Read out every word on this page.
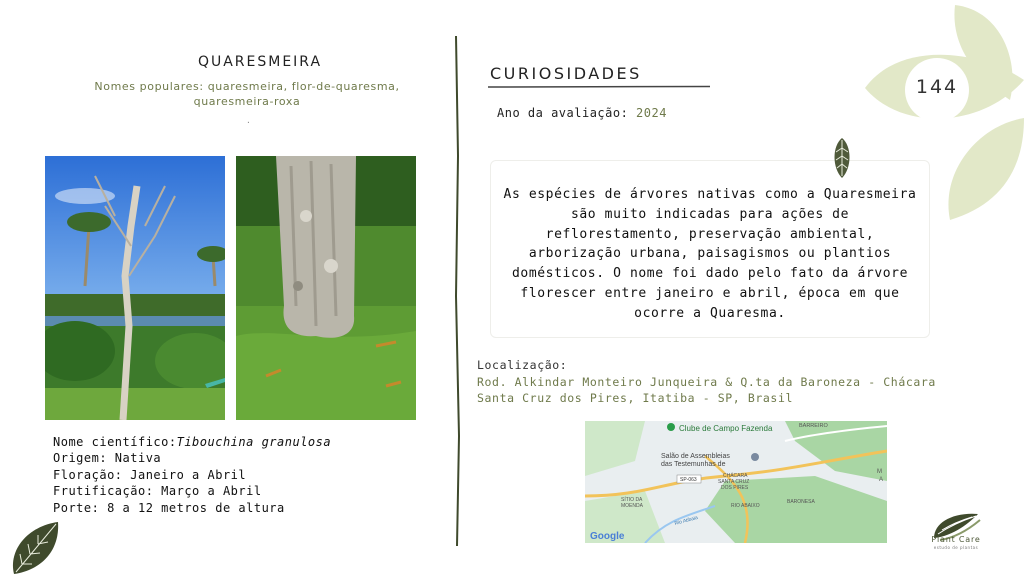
144
QUARESMEIRA
Nomes populares: quaresmeira, flor-de-quaresma,
quaresmeira-roxa
.
Nome científico:Tibouchina granulosa
Origem: Nativa
Floração: Janeiro a Abril
Frutificação: Março a Abril
Porte: 8 a 12 metros de altura
CURIOSIDADES
Ano da avaliação: 2024
As espécies de árvores nativas como a Quaresmeira são muito indicadas para ações de reflorestamento, preservação ambiental, arborização urbana, paisagismos ou plantios domésticos. O nome foi dado pelo fato da árvore florescer entre janeiro e abril, época em que ocorre a Quaresma.
Localização:
Rod. Alkindar Monteiro Junqueira & Q.ta da Baroneza - Chácara Santa Cruz dos Pires, Itatiba - SP, Brasil
Clube de Campo Fazenda
Salão de Assembleias
das Testemunhas de
BARREIRO
CHÁCARA
SANTA CRUZ
DOS PIRES
SP-063
SÍTIO DA
MOENDA	RIO ABAIXO
BARONESA
Rio Atibaia
M
A
Google	Plant Care
estudo de plantas
